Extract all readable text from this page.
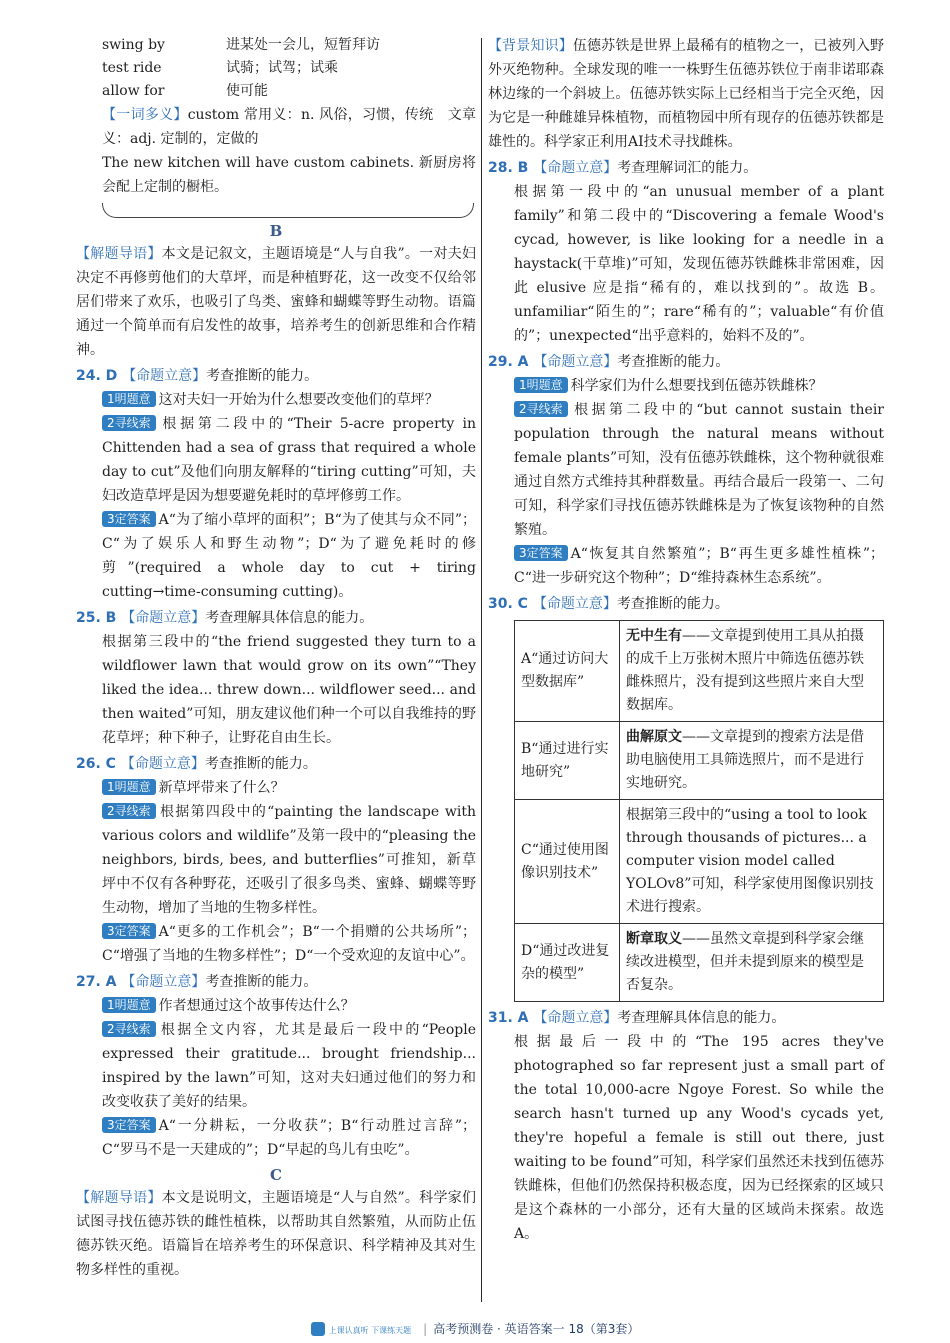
swing by	进某处一会儿，短暂拜访
test ride	试骑；试驾；试乘
allow for	使可能

【一词多义】custom 常用义：n. 风俗，习惯，传统　文章义：adj. 定制的，定做的

The new kitchen will have custom cabinets. 新厨房将会配上定制的橱柜。

B

【解题导语】本文是记叙文，主题语境是“人与自我”。一对夫妇决定不再修剪他们的大草坪，而是种植野花，这一改变不仅给邻居们带来了欢乐，也吸引了鸟类、蜜蜂和蝴蝶等野生动物。语篇通过一个简单而有启发性的故事，培养考生的创新思维和合作精神。

24. D 【命题立意】考查推断的能力。

1明题意 这对夫妇一开始为什么想要改变他们的草坪？

2寻线索 根据第二段中的“Their 5-acre property in Chittenden had a sea of grass that required a whole day to cut”及他们向朋友解释的“tiring cutting”可知，夫妇改造草坪是因为想要避免耗时的草坪修剪工作。

3定答案 A“为了缩小草坪的面积”；B“为了使其与众不同”；C“为了娱乐人和野生动物”；D“为了避免耗时的修剪”(required a whole day to cut + tiring cutting→time-consuming cutting)。

25. B 【命题立意】考查理解具体信息的能力。

根据第三段中的“the friend suggested they turn to a wildflower lawn that would grow on its own”“They liked the idea... threw down... wildflower seed... and then waited”可知，朋友建议他们种一个可以自我维持的野花草坪；种下种子，让野花自由生长。

26. C 【命题立意】考查推断的能力。

1明题意 新草坪带来了什么？

2寻线索 根据第四段中的“painting the landscape with various colors and wildlife”及第一段中的“pleasing the neighbors, birds, bees, and butterflies”可推知，新草坪中不仅有各种野花，还吸引了很多鸟类、蜜蜂、蝴蝶等野生动物，增加了当地的生物多样性。

3定答案 A“更多的工作机会”；B“一个捐赠的公共场所”；C“增强了当地的生物多样性”；D“一个受欢迎的友谊中心”。

27. A 【命题立意】考查推断的能力。

1明题意 作者想通过这个故事传达什么？

2寻线索 根据全文内容，尤其是最后一段中的“People expressed their gratitude... brought friendship... inspired by the lawn”可知，这对夫妇通过他们的努力和改变收获了美好的结果。

3定答案 A“一分耕耘，一分收获”；B“行动胜过言辞”；C“罗马不是一天建成的”；D“早起的鸟儿有虫吃”。

C

【解题导语】本文是说明文，主题语境是“人与自然”。科学家们试图寻找伍德苏铁的雌性植株，以帮助其自然繁殖，从而防止伍德苏铁灭绝。语篇旨在培养考生的环保意识、科学精神及其对生物多样性的重视。

【背景知识】伍德苏铁是世界上最稀有的植物之一，已被列入野外灭绝物种。全球发现的唯一一株野生伍德苏铁位于南非诺耶森林边缘的一个斜坡上。伍德苏铁实际上已经相当于完全灭绝，因为它是一种雌雄异株植物，而植物园中所有现存的伍德苏铁都是雄性的。科学家正利用AI技术寻找雌株。

28. B 【命题立意】考查理解词汇的能力。

根据第一段中的“an unusual member of a plant family”和第二段中的“Discovering a female Wood's cycad, however, is like looking for a needle in a haystack(干草堆)”可知，发现伍德苏铁雌株非常困难，因此 elusive 应是指“稀有的，难以找到的”。故选 B。unfamiliar“陌生的”；rare“稀有的”；valuable“有价值的”；unexpected“出乎意料的，始料不及的”。

29. A 【命题立意】考查推断的能力。

1明题意 科学家们为什么想要找到伍德苏铁雌株？

2寻线索 根据第二段中的“but cannot sustain their population through the natural means without female plants”可知，没有伍德苏铁雌株，这个物种就很难通过自然方式维持其种群数量。再结合最后一段第一、二句可知，科学家们寻找伍德苏铁雌株是为了恢复该物种的自然繁殖。

3定答案 A“恢复其自然繁殖”；B“再生更多雄性植株”；C“进一步研究这个物种”；D“维持森林生态系统”。

30. C 【命题立意】考查推断的能力。
A“通过访问大型数据库”	无中生有——文章提到使用工具从拍摄的成千上万张树木照片中筛选伍德苏铁雌株照片，没有提到这些照片来自大型数据库。
B“通过进行实地研究”	曲解原文——文章提到的搜索方法是借助电脑使用工具筛选照片，而不是进行实地研究。
C“通过使用图像识别技术”	根据第三段中的“using a tool to look through thousands of pictures... a computer vision model called YOLOv8”可知，科学家使用图像识别技术进行搜索。
D“通过改进复杂的模型”	断章取义——虽然文章提到科学家会继续改进模型，但并未提到原来的模型是否复杂。
31. A 【命题立意】考查理解具体信息的能力。

根据最后一段中的“The 195 acres they've photographed so far represent just a small part of the total 10,000-acre Ngoye Forest. So while the search hasn't turned up any Wood's cycads yet, they're hopeful a female is still out there, just waiting to be found”可知，科学家们虽然还未找到伍德苏铁雌株，但他们仍然保持积极态度，因为已经探索的区域只是这个森林的一小部分，还有大量的区域尚未探索。故选 A。

上课认真听 下课练天题 | 高考预测卷 · 英语答案一 18（第3套）
